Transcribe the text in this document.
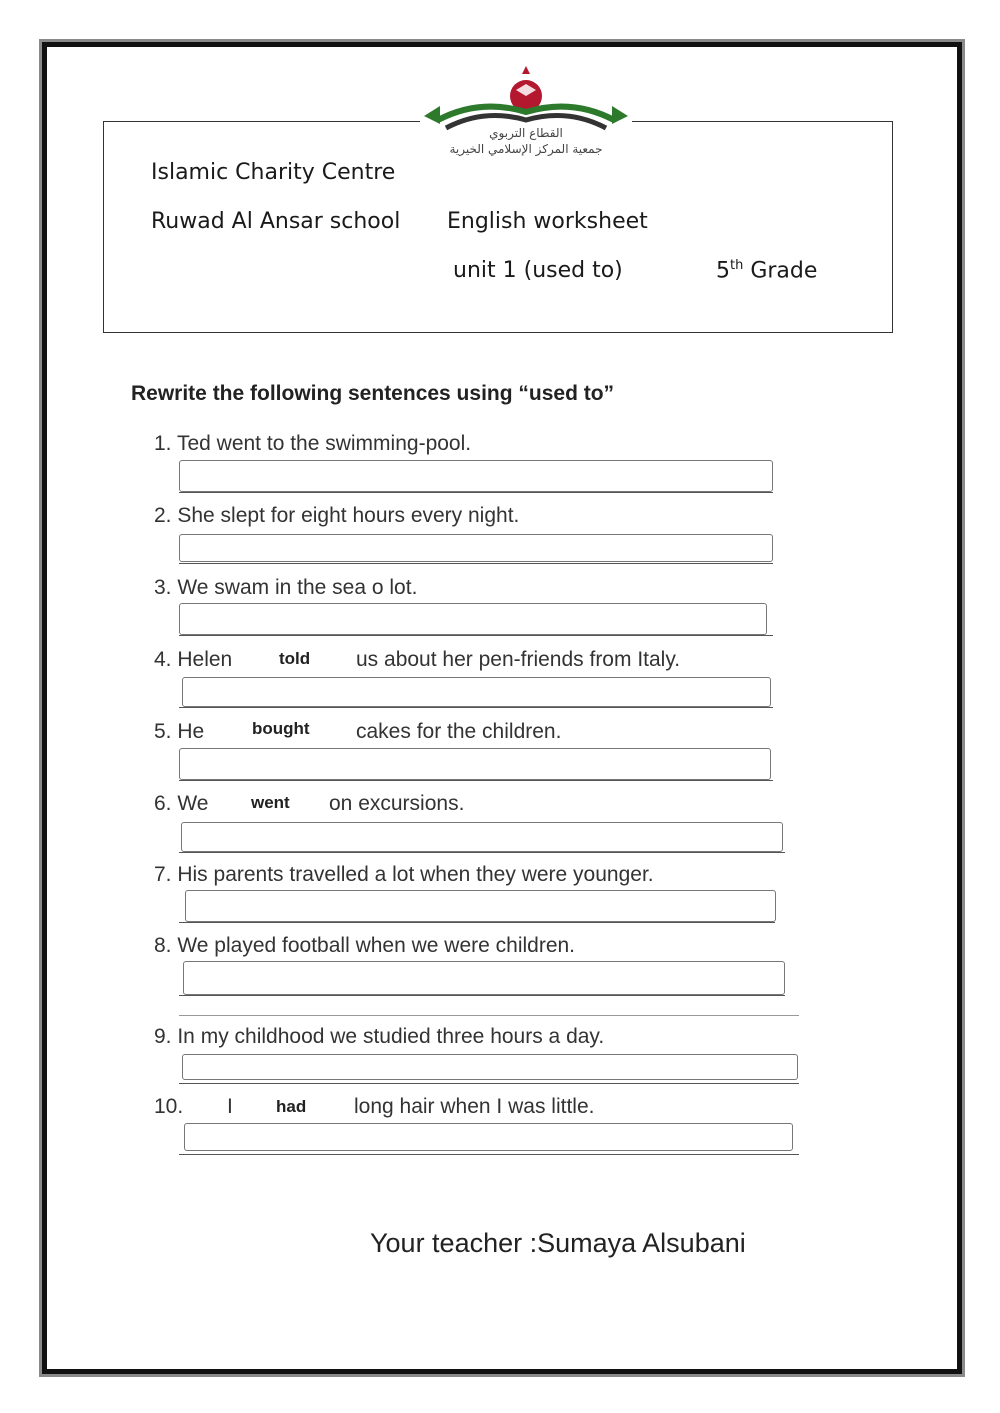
القطاع التربوي
جمعية المركز الإسلامي الخيرية
Islamic Charity Centre
Ruwad Al Ansar school English worksheet
unit 1 (used to)	5th Grade
Rewrite the following sentences using “used to”
1. Ted went to the swimming-pool.
2. She slept for eight hours every night.
3. We swam in the sea o lot.
4. Helen	told us about her pen-friends from Italy.
5. He	bought cakes for the children.
6. We	went on excursions.
7. His parents travelled a lot when they were younger.
8. We played football when we were children.
9. In my childhood we studied three hours a day.
10. I	had long hair when I was little.
Your teacher :Sumaya Alsubani
